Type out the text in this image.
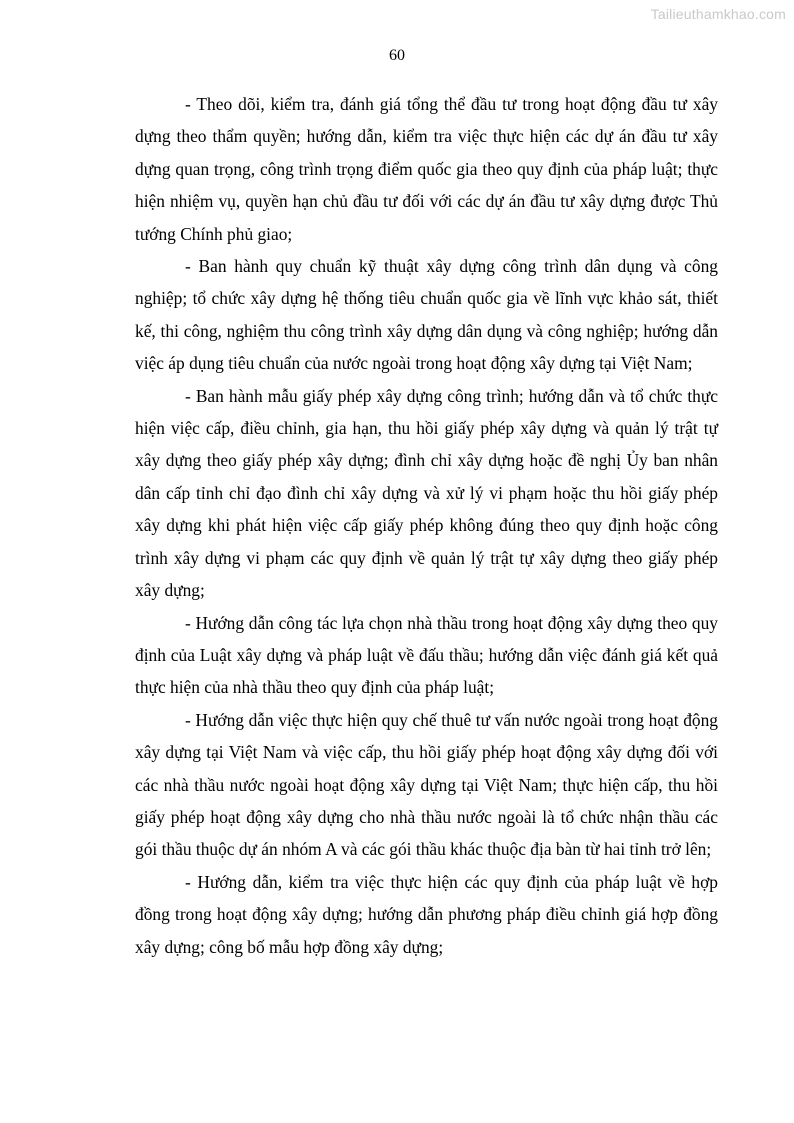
Tailieuthamkhao.com
60

- Theo dõi, kiểm tra, đánh giá tổng thể đầu tư trong hoạt động đầu tư xây dựng theo thẩm quyền; hướng dẫn, kiểm tra việc thực hiện các dự án đầu tư xây dựng quan trọng, công trình trọng điểm quốc gia theo quy định của pháp luật; thực hiện nhiệm vụ, quyền hạn chủ đầu tư đối với các dự án đầu tư xây dựng được Thủ tướng Chính phủ giao;

- Ban hành quy chuẩn kỹ thuật xây dựng công trình dân dụng và công nghiệp; tổ chức xây dựng hệ thống tiêu chuẩn quốc gia về lĩnh vực khảo sát, thiết kế, thi công, nghiệm thu công trình xây dựng dân dụng và công nghiệp; hướng dẫn việc áp dụng tiêu chuẩn của nước ngoài trong hoạt động xây dựng tại Việt Nam;

- Ban hành mẫu giấy phép xây dựng công trình; hướng dẫn và tổ chức thực hiện việc cấp, điều chỉnh, gia hạn, thu hồi giấy phép xây dựng và quản lý trật tự xây dựng theo giấy phép xây dựng; đình chỉ xây dựng hoặc đề nghị Ủy ban nhân dân cấp tỉnh chỉ đạo đình chỉ xây dựng và xử lý vi phạm hoặc thu hồi giấy phép xây dựng khi phát hiện việc cấp giấy phép không đúng theo quy định hoặc công trình xây dựng vi phạm các quy định về quản lý trật tự xây dựng theo giấy phép xây dựng;

- Hướng dẫn công tác lựa chọn nhà thầu trong hoạt động xây dựng theo quy định của Luật xây dựng và pháp luật về đấu thầu; hướng dẫn việc đánh giá kết quả thực hiện của nhà thầu theo quy định của pháp luật;

- Hướng dẫn việc thực hiện quy chế thuê tư vấn nước ngoài trong hoạt động xây dựng tại Việt Nam và việc cấp, thu hồi giấy phép hoạt động xây dựng đối với các nhà thầu nước ngoài hoạt động xây dựng tại Việt Nam; thực hiện cấp, thu hồi giấy phép hoạt động xây dựng cho nhà thầu nước ngoài là tổ chức nhận thầu các gói thầu thuộc dự án nhóm A và các gói thầu khác thuộc địa bàn từ hai tỉnh trở lên;

- Hướng dẫn, kiểm tra việc thực hiện các quy định của pháp luật về hợp đồng trong hoạt động xây dựng; hướng dẫn phương pháp điều chỉnh giá hợp đồng xây dựng; công bố mẫu hợp đồng xây dựng;
